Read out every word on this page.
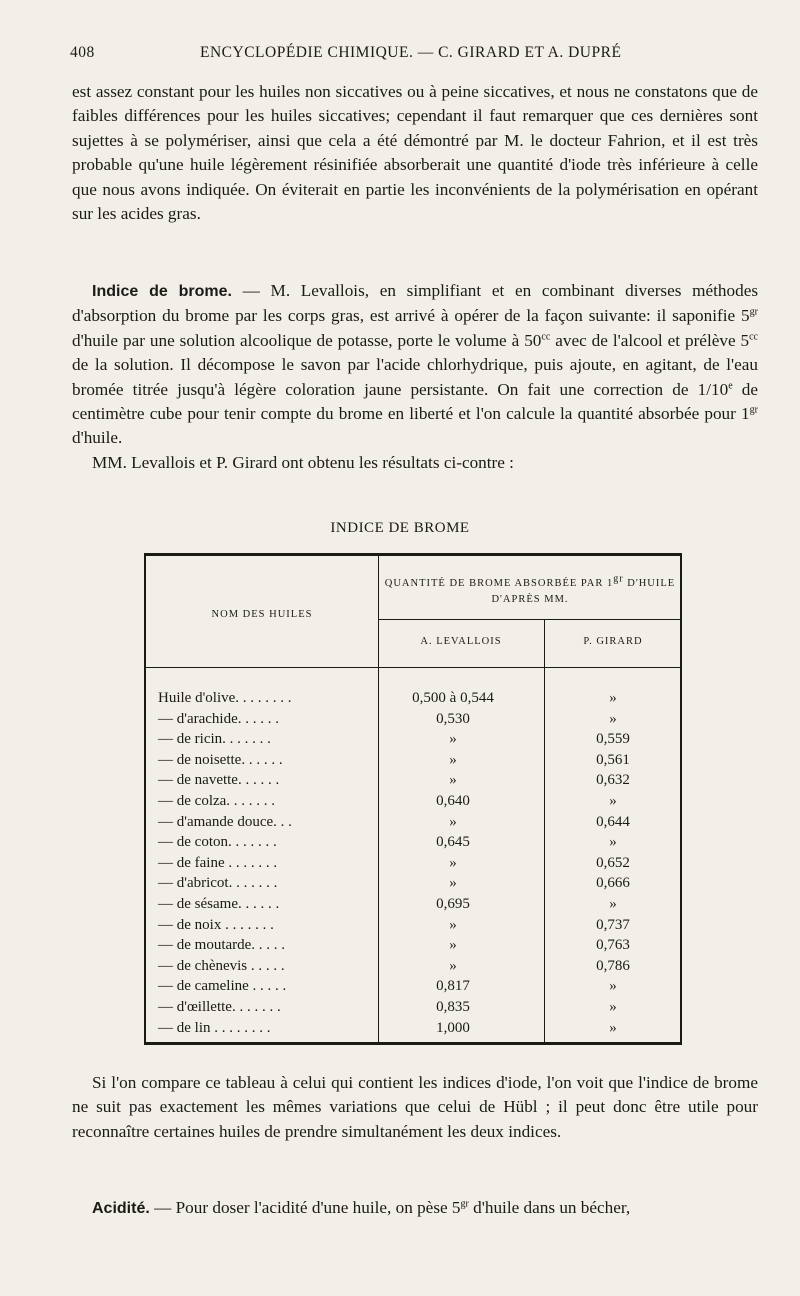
408	ENCYCLOPÉDIE CHIMIQUE. — C. GIRARD ET A. DUPRÉ

est assez constant pour les huiles non siccatives ou à peine siccatives, et nous ne constatons que de faibles différences pour les huiles siccatives; cependant il faut remarquer que ces dernières sont sujettes à se polymériser, ainsi que cela a été démontré par M. le docteur Fahrion, et il est très probable qu'une huile légèrement résinifiée absorberait une quantité d'iode très inférieure à celle que nous avons indiquée. On éviterait en partie les inconvénients de la polymérisation en opérant sur les acides gras.

Indice de brome. — M. Levallois, en simplifiant et en combinant diverses méthodes d'absorption du brome par les corps gras, est arrivé à opérer de la façon suivante: il saponifie $5^{gr}$ d'huile par une solution alcoolique de potasse, porte le volume à $50^{cc}$ avec de l'alcool et prélève $5^{cc}$ de la solution. Il décompose le savon par l'acide chlorhydrique, puis ajoute, en agitant, de l'eau bromée titrée jusqu'à légère coloration jaune persistante. On fait une correction de 1/10e de centimètre cube pour tenir compte du brome en liberté et l'on calcule la quantité absorbée pour $1^{gr}$ d'huile.

MM. Levallois et P. Girard ont obtenu les résultats ci-contre :

INDICE DE BROME
NOM DES HUILES
QUANTITÉ DE BROME ABSORBÉE PAR $1^{gr}$ D'HUILE
D'APRÈS MM.
A. LEVALLOIS	P. GIRARD
Huile d'olive. . . . . . . .	0,500 à 0,544	»
— d'arachide. . . . . .	0,530	»
— de ricin. . . . . . .	»	0,559
— de noisette. . . . . .	»	0,561
— de navette. . . . . .	»	0,632
— de colza. . . . . . .	0,640	»
— d'amande douce. . .	»	0,644
— de coton. . . . . . .	0,645	»
— de faine . . . . . . .	»	0,652
— d'abricot. . . . . . .	»	0,666
— de sésame. . . . . .	0,695	»
— de noix . . . . . . .	»	0,737
— de moutarde. . . . .	»	0,763
— de chènevis . . . . .	»	0,786
— de cameline . . . . .	0,817	»
— d'œillette. . . . . . .	0,835	»
— de lin . . . . . . . .	1,000	»

Si l'on compare ce tableau à celui qui contient les indices d'iode, l'on voit que l'indice de brome ne suit pas exactement les mêmes variations que celui de Hübl ; il peut donc être utile pour reconnaître certaines huiles de prendre simultanément les deux indices.

Acidité. — Pour doser l'acidité d'une huile, on pèse $5^{gr}$ d'huile dans un bécher,
